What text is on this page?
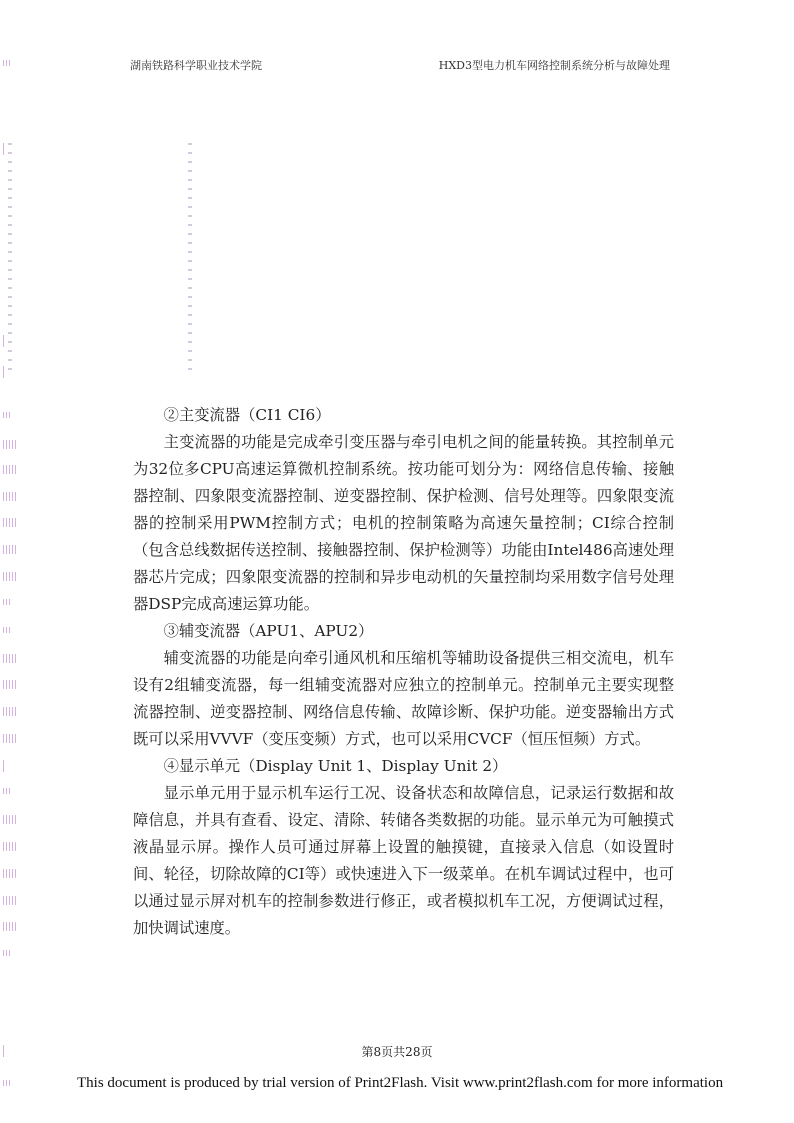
湖南铁路科学职业技术学院	HXD3型电力机车网络控制系统分析与故障处理

②主变流器（CI1 CI6）

主变流器的功能是完成牵引变压器与牵引电机之间的能量转换。其控制单元为32位多CPU高速运算微机控制系统。按功能可划分为：网络信息传输、接触器控制、四象限变流器控制、逆变器控制、保护检测、信号处理等。四象限变流器的控制采用PWM控制方式；电机的控制策略为高速矢量控制；CI综合控制（包含总线数据传送控制、接触器控制、保护检测等）功能由Intel486高速处理器芯片完成；四象限变流器的控制和异步电动机的矢量控制均采用数字信号处理器DSP完成高速运算功能。

③辅变流器（APU1、APU2）

辅变流器的功能是向牵引通风机和压缩机等辅助设备提供三相交流电，机车设有2组辅变流器，每一组辅变流器对应独立的控制单元。控制单元主要实现整流器控制、逆变器控制、网络信息传输、故障诊断、保护功能。逆变器输出方式既可以采用VVVF（变压变频）方式，也可以采用CVCF（恒压恒频）方式。

④显示单元（Display Unit 1、Display Unit 2）

显示单元用于显示机车运行工况、设备状态和故障信息，记录运行数据和故障信息，并具有查看、设定、清除、转储各类数据的功能。显示单元为可触摸式液晶显示屏。操作人员可通过屏幕上设置的触摸键，直接录入信息（如设置时间、轮径，切除故障的CI等）或快速进入下一级菜单。在机车调试过程中，也可以通过显示屏对机车的控制参数进行修正，或者模拟机车工况，方便调试过程，加快调试速度。

第8页共28页
This document is produced by trial version of Print2Flash. Visit www.print2flash.com for more information
